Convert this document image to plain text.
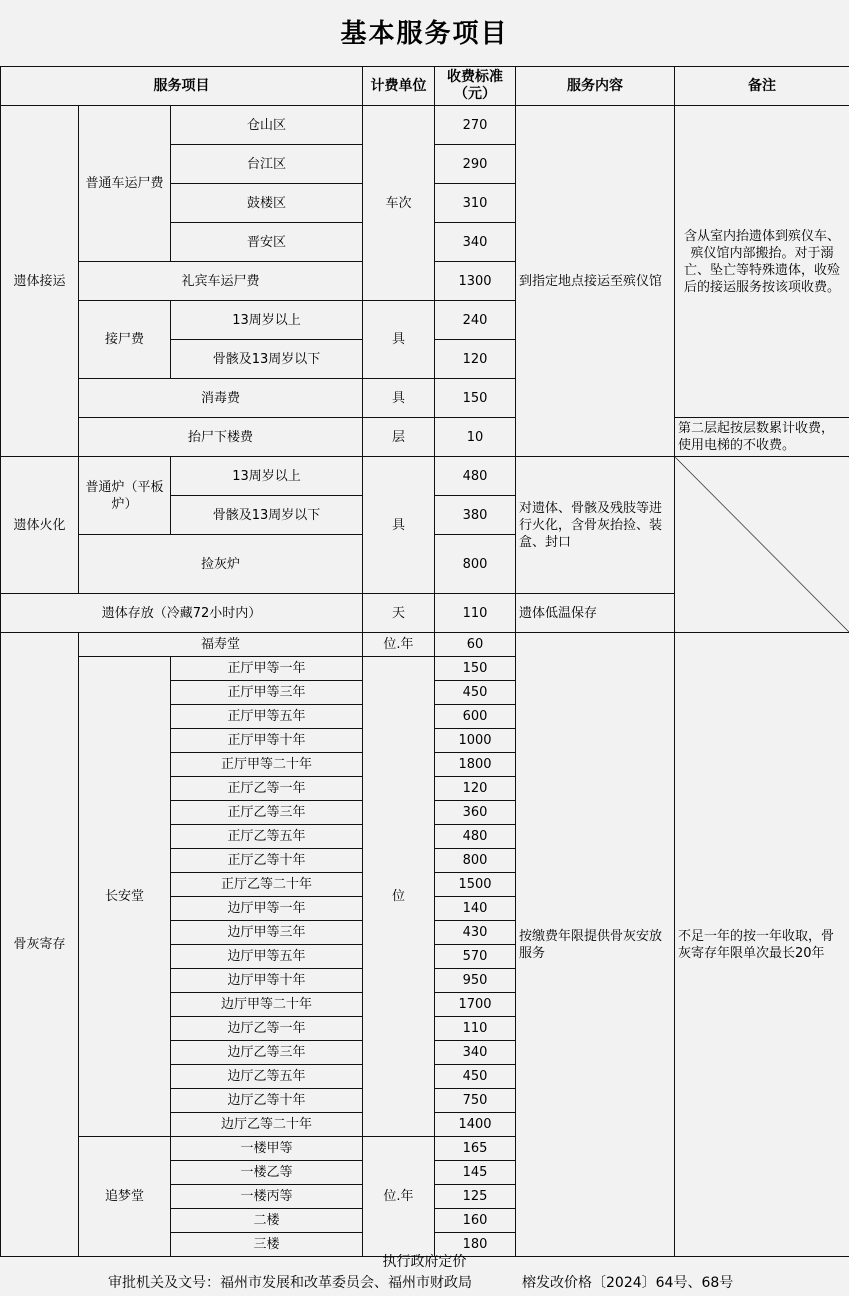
基本服务项目
服务项目			计费单位	收费标准（元）	服务内容	备注
遗体接运	普通车运尸费	仓山区	车次	270	到指定地点接运至殡仪馆	含从室内抬遗体到殡仪车、殡仪馆内部搬抬。对于溺亡、坠亡等特殊遗体，收殓后的接运服务按该项收费。
		台江区		290		
		鼓楼区		310		
		晋安区		340		
	礼宾车运尸费			1300		
	接尸费	13周岁以上	具	240		
		骨骸及13周岁以下		120		
	消毒费		具	150		
	抬尸下楼费		层	10		第二层起按层数累计收费，使用电梯的不收费。
遗体火化	普通炉（平板炉）	13周岁以上	具	480	对遗体、骨骸及残肢等进行火化，含骨灰抬捡、装盒、封口	
		骨骸及13周岁以下		380		
	捡灰炉			800		
遗体存放（冷藏72小时内）			天	110	遗体低温保存	
骨灰寄存	福寿堂		位.年	60	按缴费年限提供骨灰安放服务	不足一年的按一年收取，骨灰寄存年限单次最长20年
	长安堂	正厅甲等一年	位	150		
		正厅甲等三年		450		
		正厅甲等五年		600		
		正厅甲等十年		1000		
		正厅甲等二十年		1800		
		正厅乙等一年		120		
		正厅乙等三年		360		
		正厅乙等五年		480		
		正厅乙等十年		800		
		正厅乙等二十年		1500		
		边厅甲等一年		140		
		边厅甲等三年		430		
		边厅甲等五年		570		
		边厅甲等十年		950		
		边厅甲等二十年		1700		
		边厅乙等一年		110		
		边厅乙等三年		340		
		边厅乙等五年		450		
		边厅乙等十年		750		
		边厅乙等二十年		1400		
	追梦堂	一楼甲等	位.年	165		
		一楼乙等		145		
		一楼丙等		125		
		二楼		160		
		三楼		180		
执行政府定价
审批机关及文号：福州市发展和改革委员会、福州市财政局	榕发改价格〔2024〕64号、68号
